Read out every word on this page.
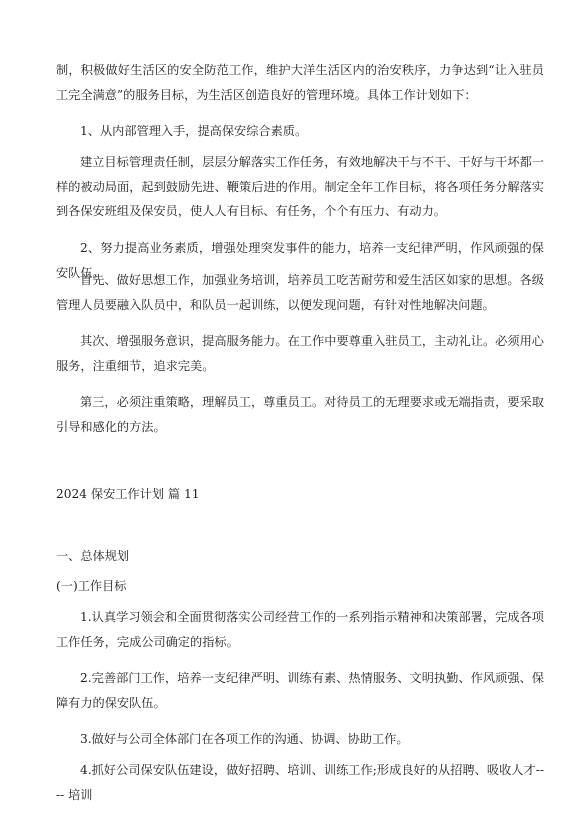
制，积极做好生活区的安全防范工作，维护大洋生活区内的治安秩序，力争达到“让入驻员工完全满意”的服务目标，为生活区创造良好的管理环境。具体工作计划如下：

1、从内部管理入手，提高保安综合素质。

建立目标管理责任制，层层分解落实工作任务，有效地解决干与不干、干好与干坏都一样的被动局面，起到鼓励先进、鞭策后进的作用。制定全年工作目标，将各项任务分解落实到各保安班组及保安员，使人人有目标、有任务，个个有压力、有动力。

2、努力提高业务素质，增强处理突发事件的能力，培养一支纪律严明，作风顽强的保安队伍。

首先、做好思想工作，加强业务培训，培养员工吃苦耐劳和爱生活区如家的思想。各级管理人员要融入队员中，和队员一起训练，以便发现问题，有针对性地解决问题。

其次、增强服务意识，提高服务能力。在工作中要尊重入驻员工，主动礼让。必须用心服务，注重细节，追求完美。

第三，必须注重策略，理解员工，尊重员工。对待员工的无理要求或无端指责，要采取引导和感化的方法。

2024 保安工作计划 篇 11

一、总体规划

(一)工作目标

1.认真学习领会和全面贯彻落实公司经营工作的一系列指示精神和决策部署，完成各项工作任务，完成公司确定的指标。

2.完善部门工作，培养一支纪律严明、训练有素、热情服务、文明执勤、作风顽强、保障有力的保安队伍。

3.做好与公司全体部门在各项工作的沟通、协调、协助工作。

4.抓好公司保安队伍建设，做好招聘、培训、训练工作;形成良好的从招聘、吸收人才---- 培训
